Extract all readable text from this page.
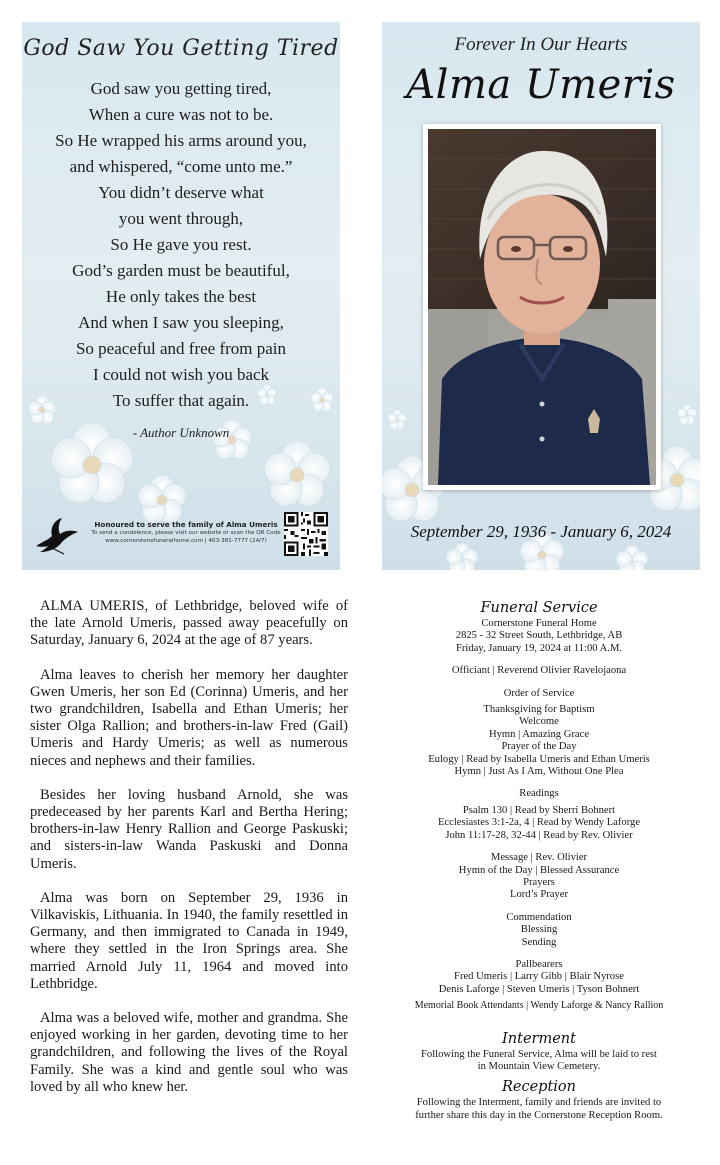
God Saw You Getting Tired
God saw you getting tired,
When a cure was not to be.
So He wrapped his arms around you,
and whispered, “come unto me.”
You didn’t deserve what
you went through,
So He gave you rest.
God’s garden must be beautiful,
He only takes the best
And when I saw you sleeping,
So peaceful and free from pain
I could not wish you back
To suffer that again.
- Author Unknown
Honoured to serve the family of Alma Umeris
To send a condolence, please visit our website or scan the QR Code
www.cornerstonefuneralhome.com | 403-381-7777 (24/7)
Forever In Our Hearts
Alma Umeris
September 29, 1936 - January 6, 2024

ALMA UMERIS, of Lethbridge, beloved wife of the late Arnold Umeris, passed away peacefully on Saturday, January 6, 2024 at the age of 87 years.

Alma leaves to cherish her memory her daughter Gwen Umeris, her son Ed (Corinna) Umeris, and her two grandchildren, Isabella and Ethan Umeris; her sister Olga Rallion; and brothers-in-law Fred (Gail) Umeris and Hardy Umeris; as well as numerous nieces and nephews and their families.

Besides her loving husband Arnold, she was predeceased by her parents Karl and Bertha Hering; brothers-in-law Henry Rallion and George Paskuski; and sisters-in-law Wanda Paskuski and Donna Umeris.

Alma was born on September 29, 1936 in Vilkaviskis, Lithuania. In 1940, the family resettled in Germany, and then immigrated to Canada in 1949, where they settled in the Iron Springs area. She married Arnold July 11, 1964 and moved into Lethbridge.

Alma was a beloved wife, mother and grandma. She enjoyed working in her garden, devoting time to her grandchildren, and following the lives of the Royal Family. She was a kind and gentle soul who was loved by all who knew her.

Funeral Service
Cornerstone Funeral Home
2825 - 32 Street South, Lethbridge, AB
Friday, January 19, 2024 at 11:00 A.M.
Officiant | Reverend Olivier Ravelojaona
Order of Service
Thanksgiving for Baptism
Welcome
Hymn | Amazing Grace
Prayer of the Day
Eulogy | Read by Isabella Umeris and Ethan Umeris
Hymn | Just As I Am, Without One Plea
Readings
Psalm 130 | Read by Sherri Bohnert
Ecclesiastes 3:1-2a, 4 | Read by Wendy Laforge
John 11:17-28, 32-44 | Read by Rev. Olivier
Message | Rev. Olivier
Hymn of the Day | Blessed Assurance
Prayers
Lord’s Prayer
Commendation
Blessing
Sending
Pallbearers
Fred Umeris | Larry Gibb | Blair Nyrose
Denis Laforge | Steven Umeris | Tyson Bohnert
Memorial Book Attendants | Wendy Laforge & Nancy Rallion
Interment
Following the Funeral Service, Alma will be laid to rest
in Mountain View Cemetery.
Reception
Following the Interment, family and friends are invited to
further share this day in the Cornerstone Reception Room.
